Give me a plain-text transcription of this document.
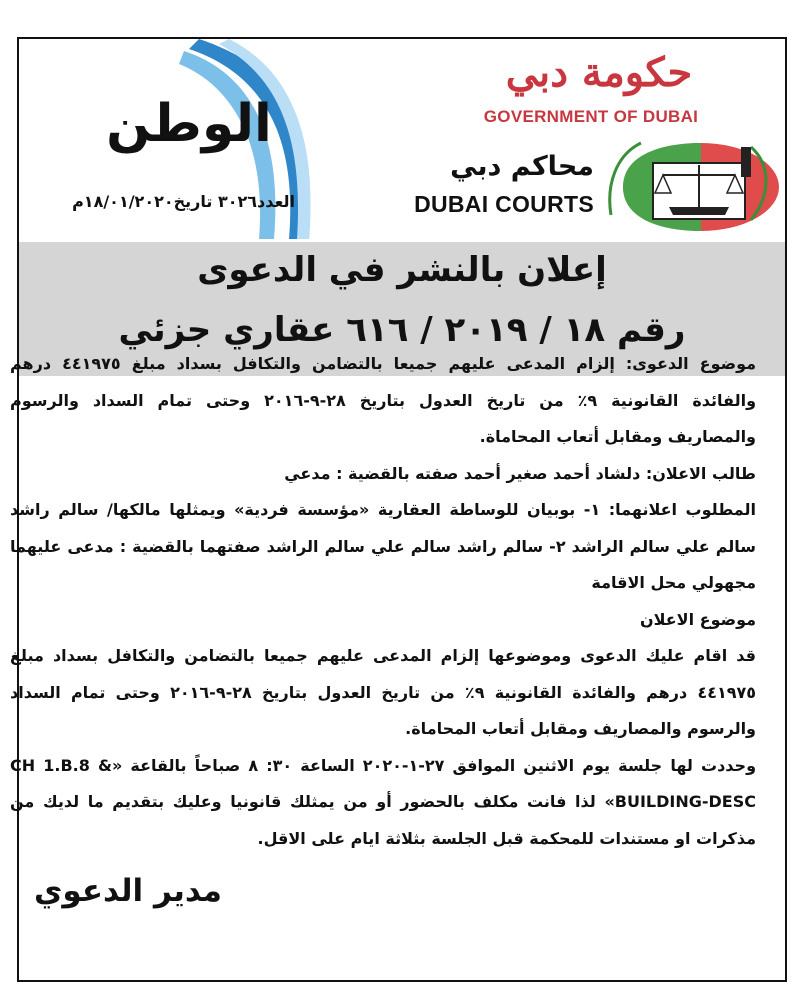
الوطن
العدد٣٠٢٦ تاريخ١٨/٠١/٢٠٢٠م
حكومة دبي
GOVERNMENT OF DUBAI
محاكم دبي
DUBAI COURTS
إعلان بالنشر في الدعوى
رقم ١٨ / ٢٠١٩ / ٦١٦ عقاري جزئي

موضوع الدعوى: إلزام المدعى عليهم جميعا بالتضامن والتكافل بسداد مبلغ ٤٤١٩٧٥ درهم والفائدة القانونية ٩٪ من تاريخ العدول بتاريخ ٢٨-٩-٢٠١٦ وحتى تمام السداد والرسوم والمصاريف ومقابل أتعاب المحاماة.

طالب الاعلان: دلشاد أحمد صغير أحمد صفته بالقضية : مدعي

المطلوب اعلانهما: ١- بوبيان للوساطة العقارية «مؤسسة فردية» ويمثلها مالكها/ سالم راشد سالم علي سالم الراشد ٢- سالم راشد سالم علي سالم الراشد صفتهما بالقضية : مدعى عليهما مجهولي محل الاقامة

موضوع الاعلان

قد اقام عليك الدعوى وموضوعها إلزام المدعى عليهم جميعا بالتضامن والتكافل بسداد مبلغ ٤٤١٩٧٥ درهم والفائدة القانونية ٩٪ من تاريخ العدول بتاريخ ٢٨-٩-٢٠١٦ وحتى تمام السداد والرسوم والمصاريف ومقابل أتعاب المحاماة.

وحددت لها جلسة يوم الاثنين الموافق ٢٧-١-٢٠٢٠ الساعة ٣٠: ٨ صباحاً بالقاعة «CH 1.B.8 & BUILDING-DESC» لذا فانت مكلف بالحضور أو من يمثلك قانونيا وعليك بتقديم ما لديك من مذكرات او مستندات للمحكمة قبل الجلسة بثلاثة ايام على الاقل.

مدير الدعوي
